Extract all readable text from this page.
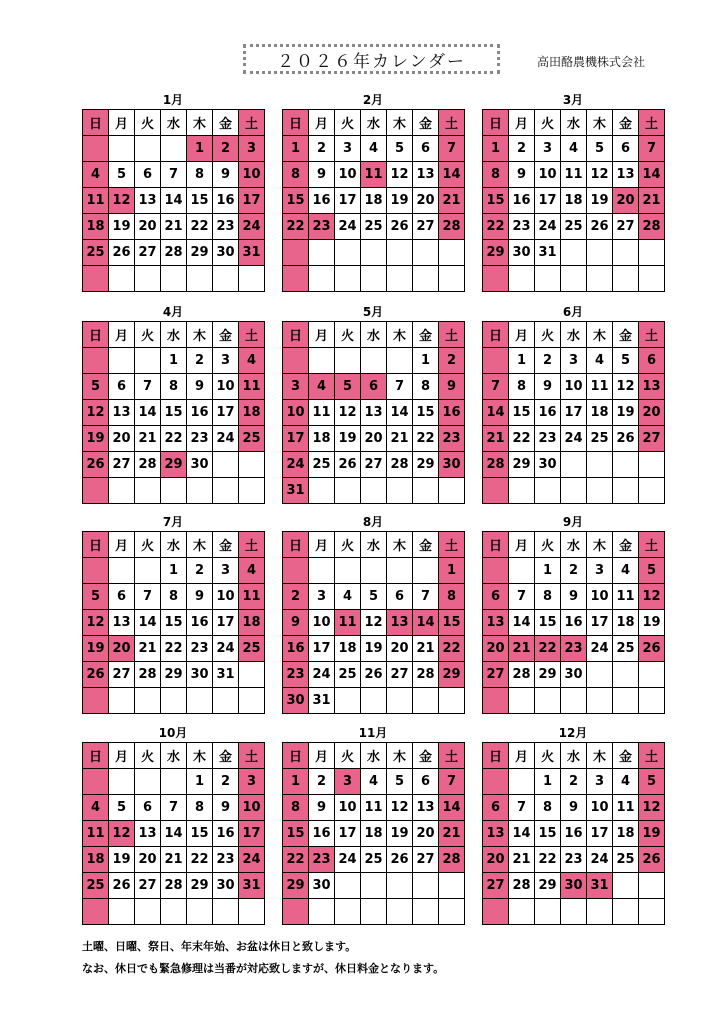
２０２６年カレンダー	高田酪農機株式会社
1月
日	月	火	水	木	金	土
				1	2	3
4	5	6	7	8	9	10
11	12	13	14	15	16	17
18	19	20	21	22	23	24
25	26	27	28	29	30	31

2月
日	月	火	水	木	金	土
1	2	3	4	5	6	7
8	9	10	11	12	13	14
15	16	17	18	19	20	21
22	23	24	25	26	27	28

3月
日	月	火	水	木	金	土
1	2	3	4	5	6	7
8	9	10	11	12	13	14
15	16	17	18	19	20	21
22	23	24	25	26	27	28
29	30	31				

4月
日	月	火	水	木	金	土
			1	2	3	4
5	6	7	8	9	10	11
12	13	14	15	16	17	18
19	20	21	22	23	24	25
26	27	28	29	30		

5月
日	月	火	水	木	金	土
					1	2
3	4	5	6	7	8	9
10	11	12	13	14	15	16
17	18	19	20	21	22	23
24	25	26	27	28	29	30
31						
6月
日	月	火	水	木	金	土
	1	2	3	4	5	6
7	8	9	10	11	12	13
14	15	16	17	18	19	20
21	22	23	24	25	26	27
28	29	30				

7月
日	月	火	水	木	金	土
			1	2	3	4
5	6	7	8	9	10	11
12	13	14	15	16	17	18
19	20	21	22	23	24	25
26	27	28	29	30	31	

8月
日	月	火	水	木	金	土
						1
2	3	4	5	6	7	8
9	10	11	12	13	14	15
16	17	18	19	20	21	22
23	24	25	26	27	28	29
30	31					
9月
日	月	火	水	木	金	土
		1	2	3	4	5
6	7	8	9	10	11	12
13	14	15	16	17	18	19
20	21	22	23	24	25	26
27	28	29	30			

10月
日	月	火	水	木	金	土
				1	2	3
4	5	6	7	8	9	10
11	12	13	14	15	16	17
18	19	20	21	22	23	24
25	26	27	28	29	30	31

11月
日	月	火	水	木	金	土
1	2	3	4	5	6	7
8	9	10	11	12	13	14
15	16	17	18	19	20	21
22	23	24	25	26	27	28
29	30					

12月
日	月	火	水	木	金	土
		1	2	3	4	5
6	7	8	9	10	11	12
13	14	15	16	17	18	19
20	21	22	23	24	25	26
27	28	29	30	31		

土曜、日曜、祭日、年末年始、お盆は休日と致します。
なお、休日でも緊急修理は当番が対応致しますが、休日料金となります。
